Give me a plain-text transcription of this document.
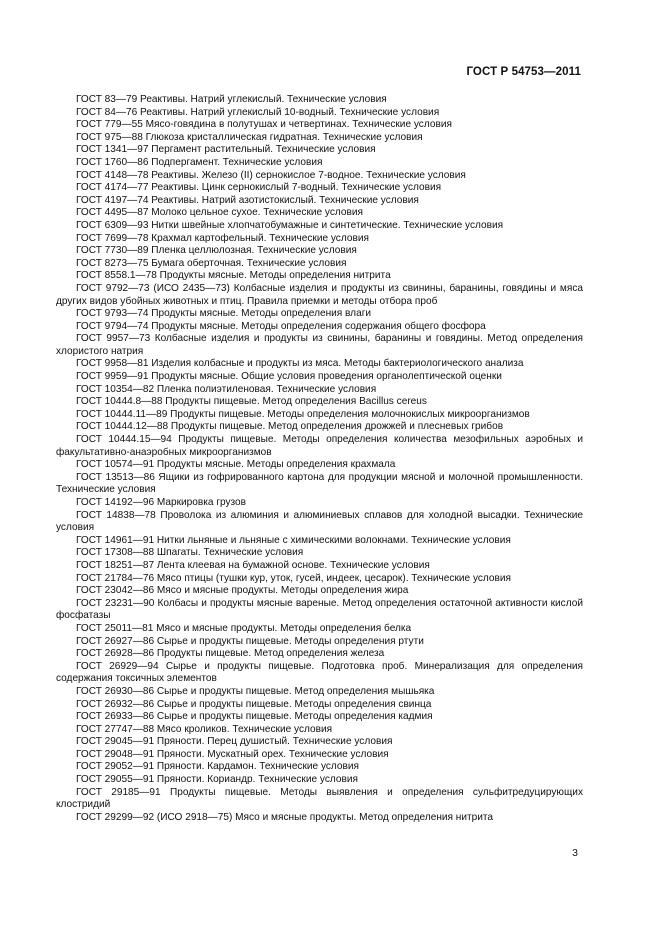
ГОСТ Р 54753—2011
ГОСТ 83—79 Реактивы. Натрий углекислый. Технические условия
ГОСТ 84—76 Реактивы. Натрий углекислый 10-водный. Технические условия
ГОСТ 779—55 Мясо-говядина в полутушах и четвертинах. Технические условия
ГОСТ 975—88 Глюкоза кристаллическая гидратная. Технические условия
ГОСТ 1341—97 Пергамент растительный. Технические условия
ГОСТ 1760—86 Подпергамент. Технические условия
ГОСТ 4148—78 Реактивы. Железо (II) сернокислое 7-водное. Технические условия
ГОСТ 4174—77 Реактивы. Цинк сернокислый 7-водный. Технические условия
ГОСТ 4197—74 Реактивы. Натрий азотистокислый. Технические условия
ГОСТ 4495—87 Молоко цельное сухое. Технические условия
ГОСТ 6309—93 Нитки швейные хлопчатобумажные и синтетические. Технические условия
ГОСТ 7699—78 Крахмал картофельный. Технические условия
ГОСТ 7730—89 Пленка целлюлозная. Технические условия
ГОСТ 8273—75 Бумага оберточная. Технические условия
ГОСТ 8558.1—78 Продукты мясные. Методы определения нитрита
ГОСТ 9792—73 (ИСО 2435—73) Колбасные изделия и продукты из свинины, баранины, говядины и мяса других видов убойных животных и птиц. Правила приемки и методы отбора проб
ГОСТ 9793—74 Продукты мясные. Методы определения влаги
ГОСТ 9794—74 Продукты мясные. Методы определения содержания общего фосфора
ГОСТ 9957—73 Колбасные изделия и продукты из свинины, баранины и говядины. Метод определения хлористого натрия
ГОСТ 9958—81 Изделия колбасные и продукты из мяса. Методы бактериологического анализа
ГОСТ 9959—91 Продукты мясные. Общие условия проведения органолептической оценки
ГОСТ 10354—82 Пленка полиэтиленовая. Технические условия
ГОСТ 10444.8—88 Продукты пищевые. Метод определения Bacillus cereus
ГОСТ 10444.11—89 Продукты пищевые. Методы определения молочнокислых микроорганизмов
ГОСТ 10444.12—88 Продукты пищевые. Метод определения дрожжей и плесневых грибов
ГОСТ 10444.15—94 Продукты пищевые. Методы определения количества мезофильных аэробных и факультативно-анаэробных микроорганизмов
ГОСТ 10574—91 Продукты мясные. Методы определения крахмала
ГОСТ 13513—86 Ящики из гофрированного картона для продукции мясной и молочной промышленности. Технические условия
ГОСТ 14192—96 Маркировка грузов
ГОСТ 14838—78 Проволока из алюминия и алюминиевых сплавов для холодной высадки. Технические условия
ГОСТ 14961—91 Нитки льняные и льняные с химическими волокнами. Технические условия
ГОСТ 17308—88 Шпагаты. Технические условия
ГОСТ 18251—87 Лента клеевая на бумажной основе. Технические условия
ГОСТ 21784—76 Мясо птицы (тушки кур, уток, гусей, индеек, цесарок). Технические условия
ГОСТ 23042—86 Мясо и мясные продукты. Методы определения жира
ГОСТ 23231—90 Колбасы и продукты мясные вареные. Метод определения остаточной активности кислой фосфатазы
ГОСТ 25011—81 Мясо и мясные продукты. Методы определения белка
ГОСТ 26927—86 Сырье и продукты пищевые. Методы определения ртути
ГОСТ 26928—86 Продукты пищевые. Метод определения железа
ГОСТ 26929—94 Сырье и продукты пищевые. Подготовка проб. Минерализация для определения содержания токсичных элементов
ГОСТ 26930—86 Сырье и продукты пищевые. Метод определения мышьяка
ГОСТ 26932—86 Сырье и продукты пищевые. Методы определения свинца
ГОСТ 26933—86 Сырье и продукты пищевые. Методы определения кадмия
ГОСТ 27747—88 Мясо кроликов. Технические условия
ГОСТ 29045—91 Пряности. Перец душистый. Технические условия
ГОСТ 29048—91 Пряности. Мускатный орех. Технические условия
ГОСТ 29052—91 Пряности. Кардамон. Технические условия
ГОСТ 29055—91 Пряности. Кориандр. Технические условия
ГОСТ 29185—91 Продукты пищевые. Методы выявления и определения сульфитредуцирующих клостридий
ГОСТ 29299—92 (ИСО 2918—75) Мясо и мясные продукты. Метод определения нитрита
3
